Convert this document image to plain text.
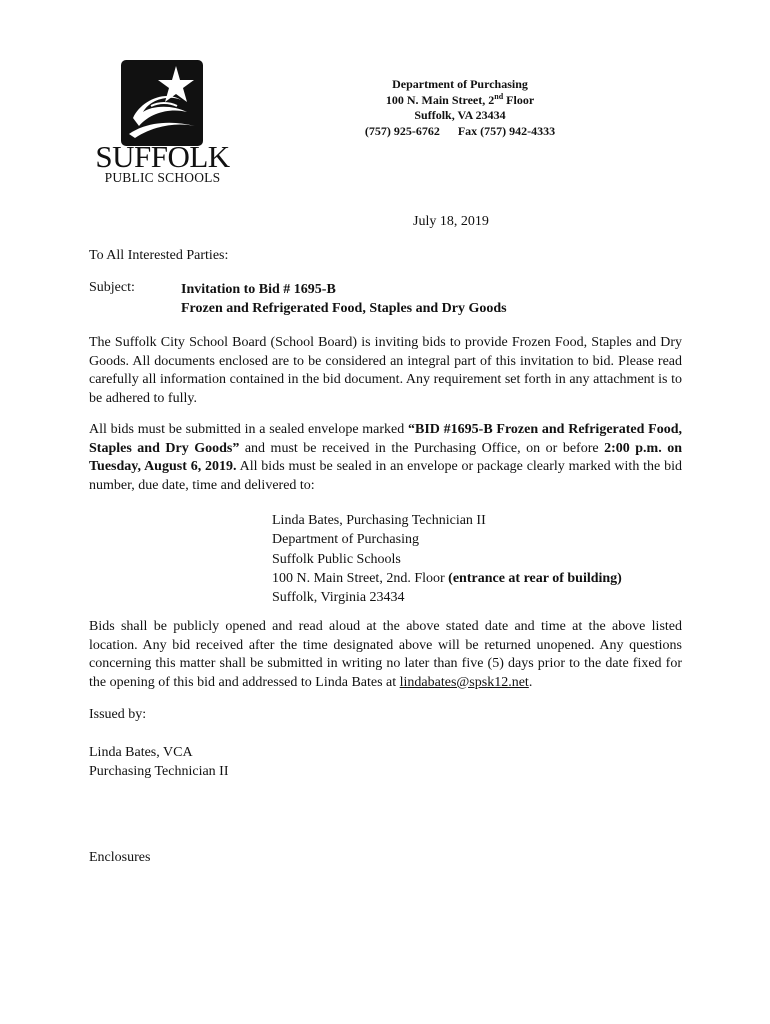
SUFFOLK
PUBLIC SCHOOLS
Department of Purchasing
100 N. Main Street, 2nd Floor
Suffolk, VA 23434
(757) 925-6762 Fax (757) 942-4333
July 18, 2019
To All Interested Parties:
Subject:	Invitation to Bid # 1695-B
Frozen and Refrigerated Food, Staples and Dry Goods
The Suffolk City School Board (School Board) is inviting bids to provide Frozen Food, Staples and Dry Goods. All documents enclosed are to be considered an integral part of this invitation to bid. Please read carefully all information contained in the bid document. Any requirement set forth in any attachment is to be adhered to fully.
All bids must be submitted in a sealed envelope marked “BID #1695-B Frozen and Refrigerated Food, Staples and Dry Goods” and must be received in the Purchasing Office, on or before 2:00 p.m. on Tuesday, August 6, 2019. All bids must be sealed in an envelope or package clearly marked with the bid number, due date, time and delivered to:
Linda Bates, Purchasing Technician II
Department of Purchasing
Suffolk Public Schools
100 N. Main Street, 2nd. Floor (entrance at rear of building)
Suffolk, Virginia 23434
Bids shall be publicly opened and read aloud at the above stated date and time at the above listed location. Any bid received after the time designated above will be returned unopened. Any questions concerning this matter shall be submitted in writing no later than five (5) days prior to the date fixed for the opening of this bid and addressed to Linda Bates at lindabates@spsk12.net.
Issued by:
Linda Bates, VCA
Purchasing Technician II
Enclosures
